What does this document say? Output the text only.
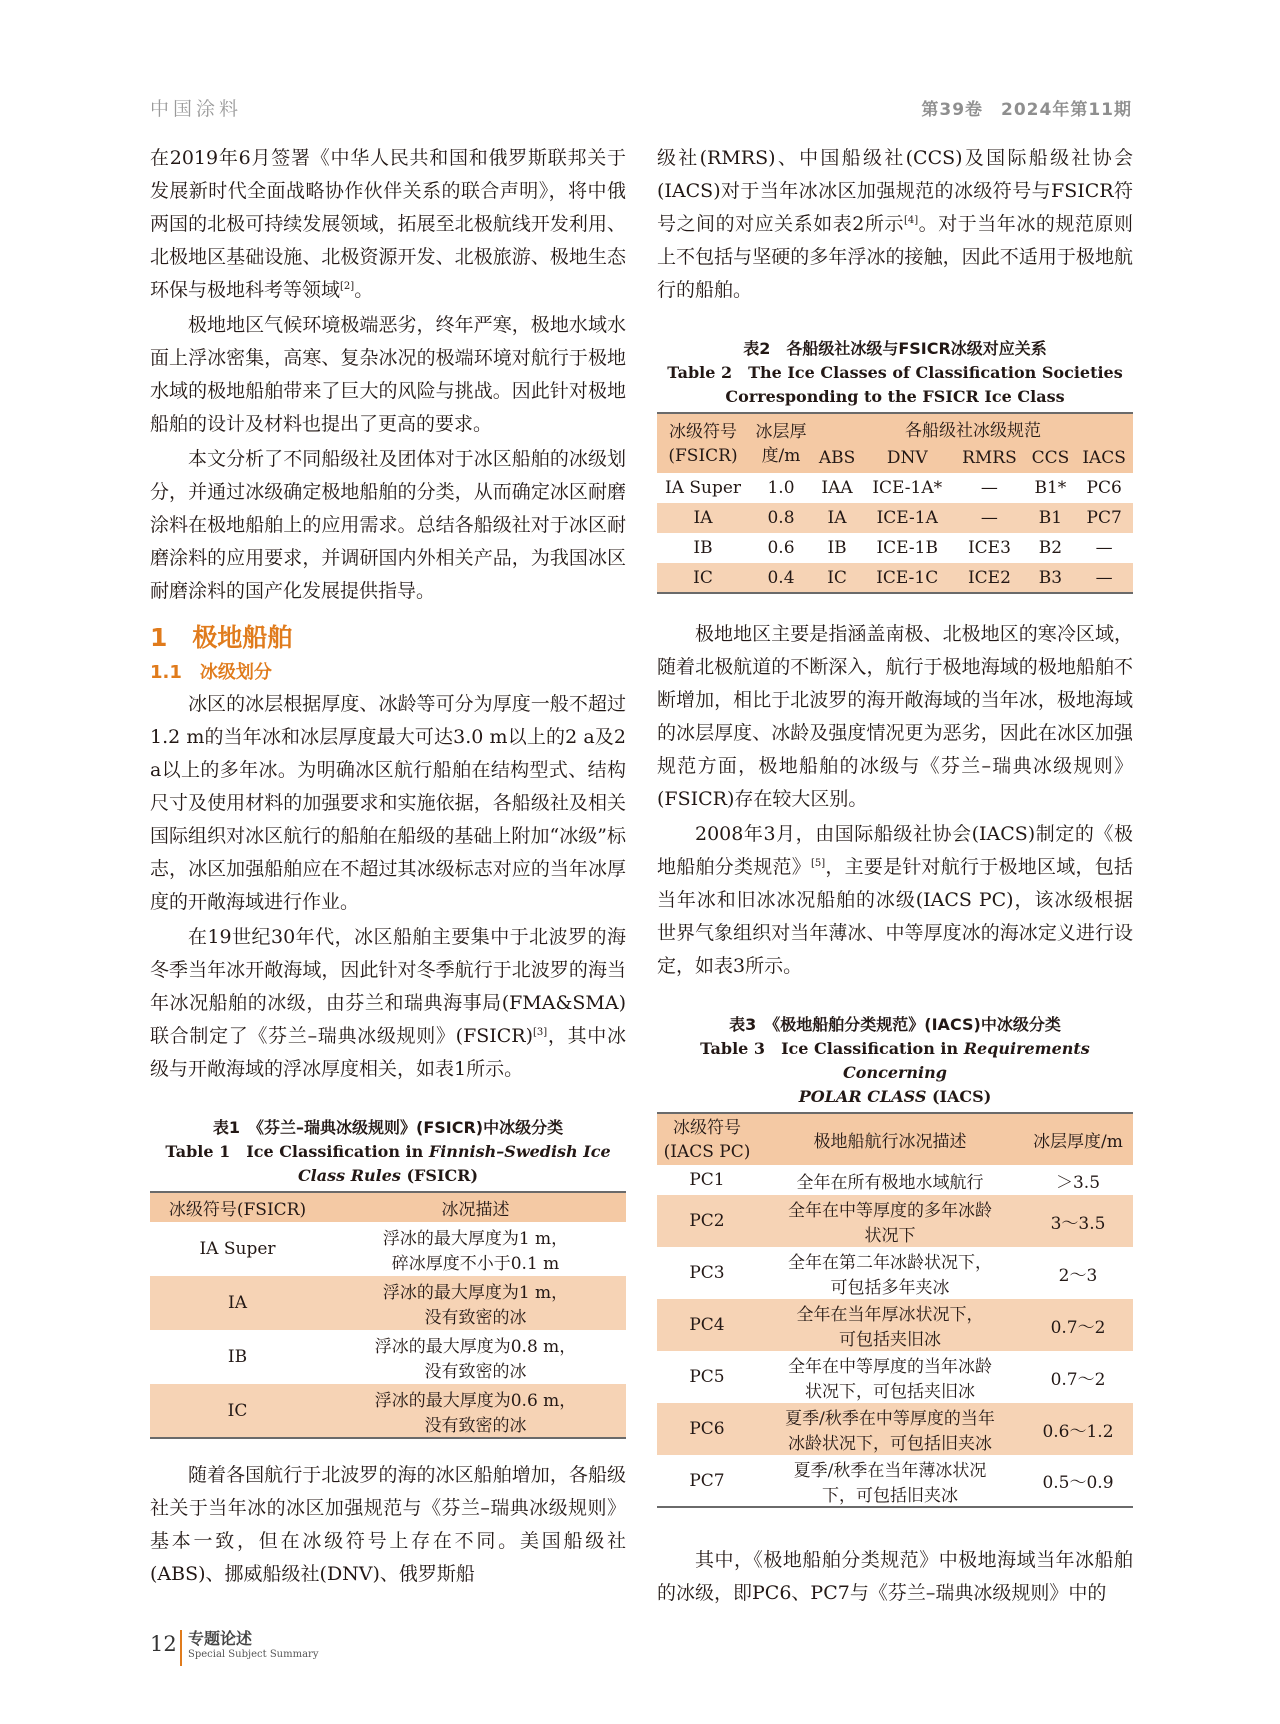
中国涂料	第39卷　2024年第11期

在2019年6月签署《中华人民共和国和俄罗斯联邦关于发展新时代全面战略协作伙伴关系的联合声明》，将中俄两国的北极可持续发展领域，拓展至北极航线开发利用、北极地区基础设施、北极资源开发、北极旅游、极地生态环保与极地科考等领域[2]。

极地地区气候环境极端恶劣，终年严寒，极地水域水面上浮冰密集，高寒、复杂冰况的极端环境对航行于极地水域的极地船舶带来了巨大的风险与挑战。因此针对极地船舶的设计及材料也提出了更高的要求。

本文分析了不同船级社及团体对于冰区船舶的冰级划分，并通过冰级确定极地船舶的分类，从而确定冰区耐磨涂料在极地船舶上的应用需求。总结各船级社对于冰区耐磨涂料的应用要求，并调研国内外相关产品，为我国冰区耐磨涂料的国产化发展提供指导。

1　极地船舶
1.1　冰级划分

冰区的冰层根据厚度、冰龄等可分为厚度一般不超过1.2 m的当年冰和冰层厚度最大可达3.0 m以上的2 a及2 a以上的多年冰。为明确冰区航行船舶在结构型式、结构尺寸及使用材料的加强要求和实施依据，各船级社及相关国际组织对冰区航行的船舶在船级的基础上附加“冰级”标志，冰区加强船舶应在不超过其冰级标志对应的当年冰厚度的开敞海域进行作业。

在19世纪30年代，冰区船舶主要集中于北波罗的海冬季当年冰开敞海域，因此针对冬季航行于北波罗的海当年冰况船舶的冰级，由芬兰和瑞典海事局(FMA&SMA)联合制定了《芬兰–瑞典冰级规则》(FSICR)[3]，其中冰级与开敞海域的浮冰厚度相关，如表1所示。

表1　《芬兰–瑞典冰级规则》(FSICR)中冰级分类

Table 1　Ice Classification in Finnish–Swedish Ice Class Rules (FSICR)

冰级符号(FSICR)	冰况描述
IA Super	浮冰的最大厚度为1 m，
碎冰厚度不小于0.1 m
IA	浮冰的最大厚度为1 m，
没有致密的冰
IB	浮冰的最大厚度为0.8 m，
没有致密的冰
IC	浮冰的最大厚度为0.6 m，
没有致密的冰

随着各国航行于北波罗的海的冰区船舶增加，各船级社关于当年冰的冰区加强规范与《芬兰–瑞典冰级规则》基本一致，但在冰级符号上存在不同。美国船级社(ABS)、挪威船级社(DNV)、俄罗斯船

级社(RMRS)、中国船级社(CCS)及国际船级社协会(IACS)对于当年冰冰区加强规范的冰级符号与FSICR符号之间的对应关系如表2所示[4]。对于当年冰的规范原则上不包括与坚硬的多年浮冰的接触，因此不适用于极地航行的船舶。

表2　各船级社冰级与FSICR冰级对应关系

Table 2　The Ice Classes of Classification Societies

Corresponding to the FSICR Ice Class

冰级符号(FSICR)	冰层厚度/m	各船级社冰级规范				
		ABS	DNV	RMRS	CCS	IACS
IA Super	1.0	IAA	ICE-1A*	—	B1*	PC6
IA	0.8	IA	ICE-1A	—	B1	PC7
IB	0.6	IB	ICE-1B	ICE3	B2	—
IC	0.4	IC	ICE-1C	ICE2	B3	—

极地地区主要是指涵盖南极、北极地区的寒冷区域，随着北极航道的不断深入，航行于极地海域的极地船舶不断增加，相比于北波罗的海开敞海域的当年冰，极地海域的冰层厚度、冰龄及强度情况更为恶劣，因此在冰区加强规范方面，极地船舶的冰级与《芬兰–瑞典冰级规则》(FSICR)存在较大区别。

2008年3月，由国际船级社协会(IACS)制定的《极地船舶分类规范》[5]，主要是针对航行于极地区域，包括当年冰和旧冰冰况船舶的冰级(IACS PC)，该冰级根据世界气象组织对当年薄冰、中等厚度冰的海冰定义进行设定，如表3所示。

表3　《极地船舶分类规范》(IACS)中冰级分类

Table 3　Ice Classification in Requirements Concerning

POLAR CLASS (IACS)

冰级符号(IACS PC)	极地船航行冰况描述	冰层厚度/m
PC1	全年在所有极地水域航行	＞3.5
PC2	全年在中等厚度的多年冰龄
状况下	3～3.5
PC3	全年在第二年冰龄状况下，
可包括多年夹冰	2～3
PC4	全年在当年厚冰状况下，
可包括夹旧冰	0.7～2
PC5	全年在中等厚度的当年冰龄
状况下，可包括夹旧冰	0.7～2
PC6	夏季/秋季在中等厚度的当年
冰龄状况下，可包括旧夹冰	0.6～1.2
PC7	夏季/秋季在当年薄冰状况
下，可包括旧夹冰	0.5～0.9

其中，《极地船舶分类规范》中极地海域当年冰船舶的冰级，即PC6、PC7与《芬兰–瑞典冰级规则》中的

12 专题论述
Special Subject Summary
